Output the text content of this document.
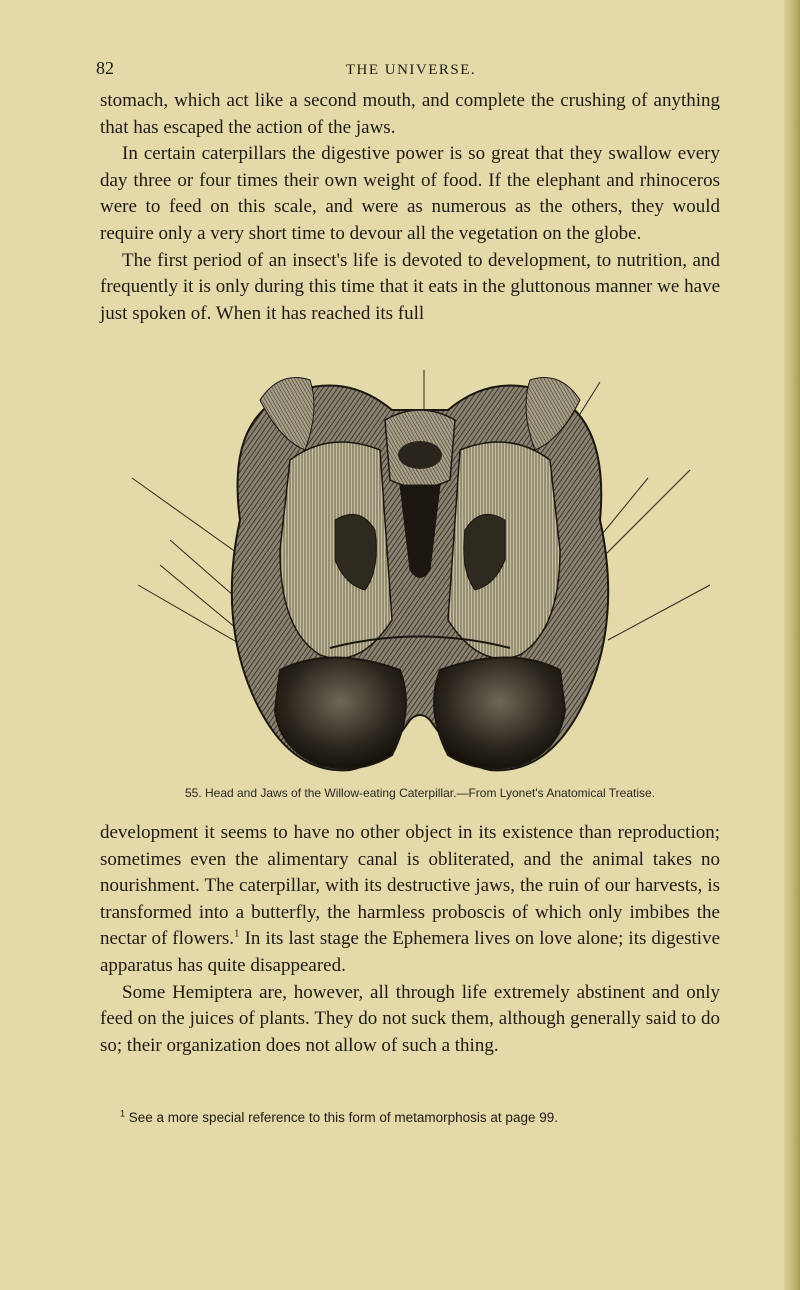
82	THE UNIVERSE.

stomach, which act like a second mouth, and complete the crushing of anything that has escaped the action of the jaws.

In certain caterpillars the digestive power is so great that they swallow every day three or four times their own weight of food. If the elephant and rhinoceros were to feed on this scale, and were as numerous as the others, they would require only a very short time to devour all the vegetation on the globe.

The first period of an insect's life is devoted to development, to nutrition, and frequently it is only during this time that it eats in the gluttonous manner we have just spoken of. When it has reached its full

55. Head and Jaws of the Willow-eating Caterpillar.—From Lyonet's Anatomical Treatise.

development it seems to have no other object in its existence than reproduction; sometimes even the alimentary canal is obliterated, and the animal takes no nourishment. The caterpillar, with its destructive jaws, the ruin of our harvests, is transformed into a butterfly, the harmless proboscis of which only imbibes the nectar of flowers.$^1$ In its last stage the Ephemera lives on love alone; its digestive apparatus has quite disappeared.

Some Hemiptera are, however, all through life extremely abstinent and only feed on the juices of plants. They do not suck them, although generally said to do so; their organization does not allow of such a thing.

$^1$ See a more special reference to this form of metamorphosis at page 99.
